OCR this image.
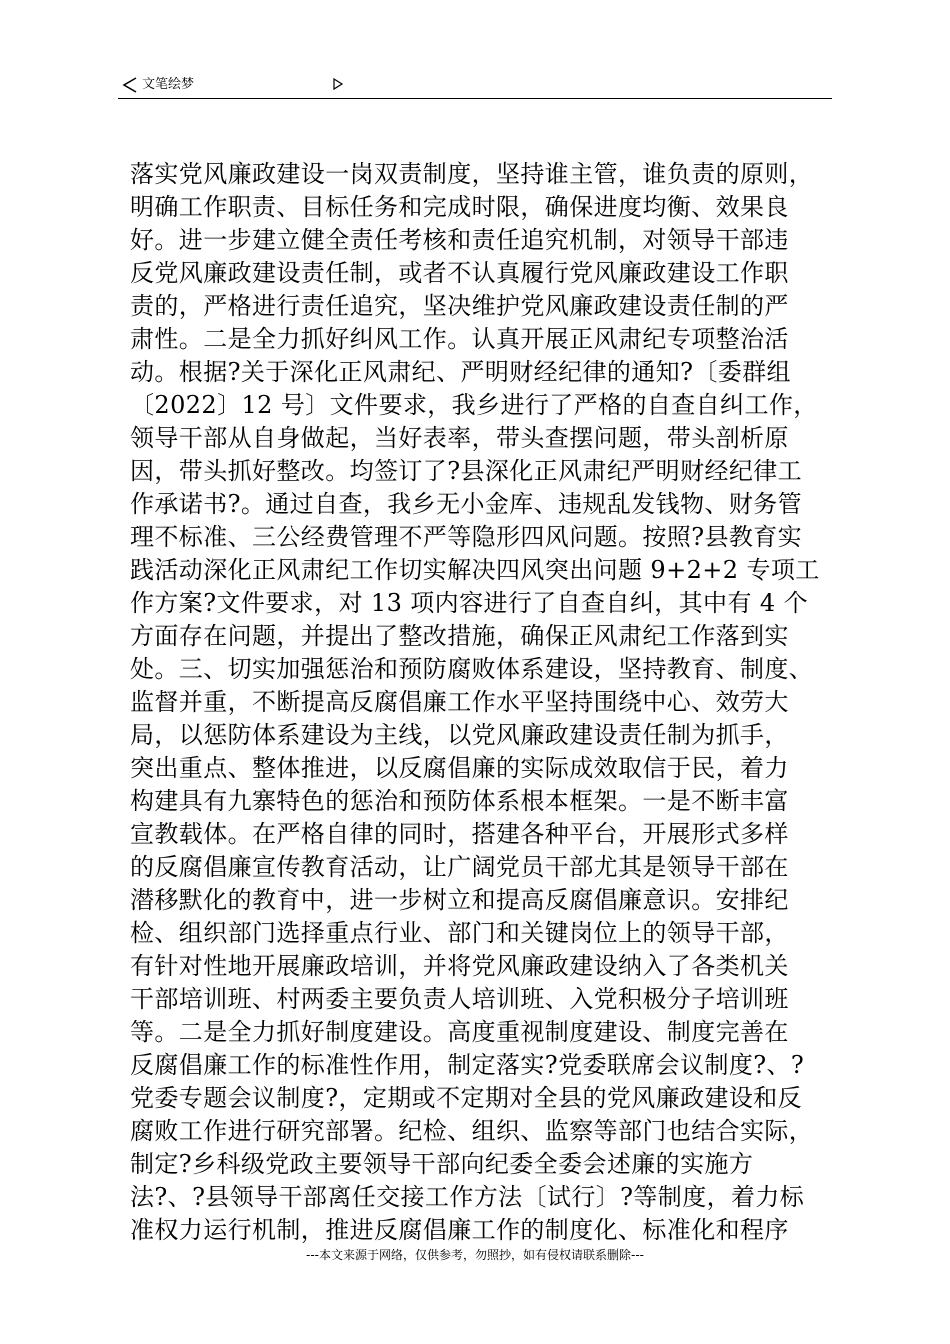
文笔绘梦
落实党风廉政建设一岗双责制度，坚持谁主管，谁负责的原则，
明确工作职责、目标任务和完成时限，确保进度均衡、效果良
好。进一步建立健全责任考核和责任追究机制，对领导干部违
反党风廉政建设责任制，或者不认真履行党风廉政建设工作职
责的，严格进行责任追究，坚决维护党风廉政建设责任制的严
肃性。二是全力抓好纠风工作。认真开展正风肃纪专项整治活
动。根据?关于深化正风肃纪、严明财经纪律的通知?〔委群组
〔2022〕12 号〕文件要求，我乡进行了严格的自查自纠工作，
领导干部从自身做起，当好表率，带头查摆问题，带头剖析原
因，带头抓好整改。均签订了?县深化正风肃纪严明财经纪律工
作承诺书?。通过自查，我乡无小金库、违规乱发钱物、财务管
理不标准、三公经费管理不严等隐形四风问题。按照?县教育实
践活动深化正风肃纪工作切实解决四风突出问题 9+2+2 专项工
作方案?文件要求，对 13 项内容进行了自查自纠，其中有 4 个
方面存在问题，并提出了整改措施，确保正风肃纪工作落到实
处。三、切实加强惩治和预防腐败体系建设，坚持教育、制度、
监督并重，不断提高反腐倡廉工作水平坚持围绕中心、效劳大
局，以惩防体系建设为主线，以党风廉政建设责任制为抓手，
突出重点、整体推进，以反腐倡廉的实际成效取信于民，着力
构建具有九寨特色的惩治和预防体系根本框架。一是不断丰富
宣教载体。在严格自律的同时，搭建各种平台，开展形式多样
的反腐倡廉宣传教育活动，让广阔党员干部尤其是领导干部在
潜移默化的教育中，进一步树立和提高反腐倡廉意识。安排纪
检、组织部门选择重点行业、部门和关键岗位上的领导干部，
有针对性地开展廉政培训，并将党风廉政建设纳入了各类机关
干部培训班、村两委主要负责人培训班、入党积极分子培训班
等。二是全力抓好制度建设。高度重视制度建设、制度完善在
反腐倡廉工作的标准性作用，制定落实?党委联席会议制度?、?
党委专题会议制度?，定期或不定期对全县的党风廉政建设和反
腐败工作进行研究部署。纪检、组织、监察等部门也结合实际，
制定?乡科级党政主要领导干部向纪委全委会述廉的实施方
法?、?县领导干部离任交接工作方法〔试行〕?等制度，着力标
准权力运行机制，推进反腐倡廉工作的制度化、标准化和程序
---本文来源于网络，仅供参考，勿照抄，如有侵权请联系删除---
